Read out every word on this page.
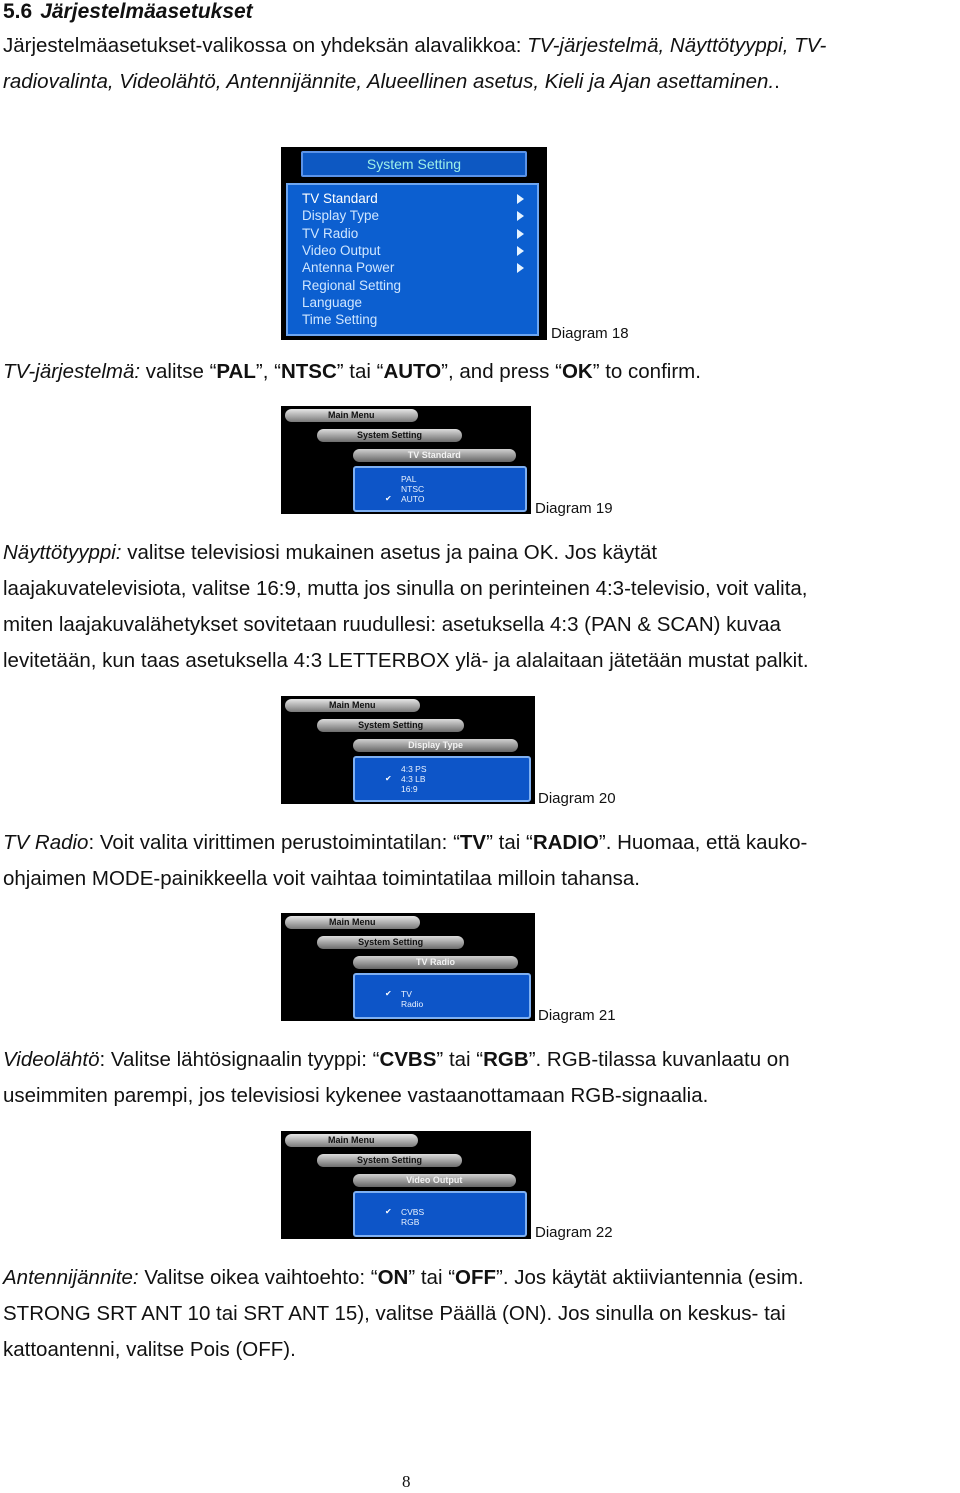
5.6 Järjestelmäasetukset

Järjestelmäasetukset-valikossa on yhdeksän alavalikkoa: TV-järjestelmä, Näyttötyyppi, TV-
radiovalinta, Videolähtö, Antennijännite, Alueellinen asetus, Kieli ja Ajan asettaminen..

System Setting
TV Standard
Display Type
TV Radio
Video Output
Antenna Power
Regional Setting
Language
Time Setting
Diagram 18

TV-järjestelmä: valitse “PAL”, “NTSC” tai “AUTO”, and press “OK” to confirm.

Main Menu
System Setting
TV Standard
PAL
NTSC
AUTO
✔
Diagram 19

Näyttötyyppi: valitse televisiosi mukainen asetus ja paina OK. Jos käytät
laajakuvatelevisiota, valitse 16:9, mutta jos sinulla on perinteinen 4:3-televisio, voit valita,
miten laajakuvalähetykset sovitetaan ruudullesi: asetuksella 4:3 (PAN & SCAN) kuvaa
levitetään, kun taas asetuksella 4:3 LETTERBOX ylä- ja alalaitaan jätetään mustat palkit.

Main Menu
System Setting
Display Type
4:3 PS
4:3 LB
✔
16:9
Diagram 20

TV Radio: Voit valita virittimen perustoimintatilan: “TV” tai “RADIO”. Huomaa, että kauko-
ohjaimen MODE-painikkeella voit vaihtaa toimintatilaa milloin tahansa.

Main Menu
System Setting
TV Radio
TV
✔
Radio
Diagram 21

Videolähtö: Valitse lähtösignaalin tyyppi: “CVBS” tai “RGB”. RGB-tilassa kuvanlaatu on
useimmiten parempi, jos televisiosi kykenee vastaanottamaan RGB-signaalia.

Main Menu
System Setting
Video Output
CVBS
✔
RGB
Diagram 22

Antennijännite: Valitse oikea vaihtoehto: “ON” tai “OFF”. Jos käytät aktiiviantennia (esim.
STRONG SRT ANT 10 tai SRT ANT 15), valitse Päällä (ON). Jos sinulla on keskus- tai
kattoantenni, valitse Pois (OFF).

8
